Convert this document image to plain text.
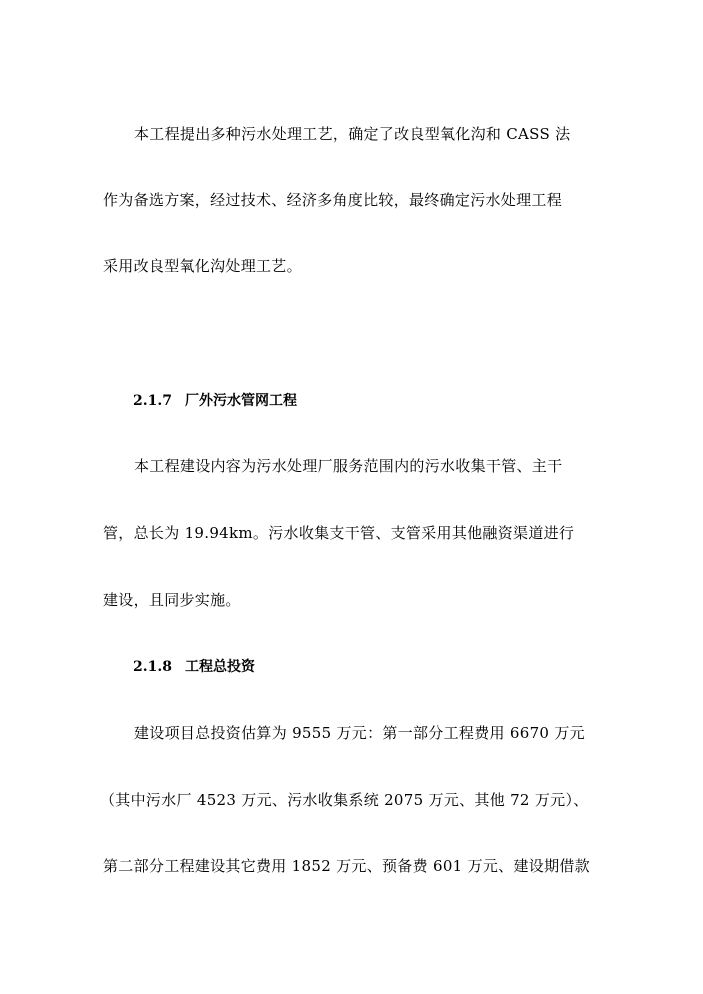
本工程提出多种污水处理工艺，确定了改良型氧化沟和 CASS 法
作为备选方案，经过技术、经济多角度比较，最终确定污水处理工程
采用改良型氧化沟处理工艺。
2.1.7 厂外污水管网工程
本工程建设内容为污水处理厂服务范围内的污水收集干管、主干
管，总长为 19.94km。污水收集支干管、支管采用其他融资渠道进行
建设，且同步实施。
2.1.8 工程总投资
建设项目总投资估算为 9555 万元：第一部分工程费用 6670 万元
（其中污水厂 4523 万元、污水收集系统 2075 万元、其他 72 万元）、
第二部分工程建设其它费用 1852 万元、预备费 601 万元、建设期借款
